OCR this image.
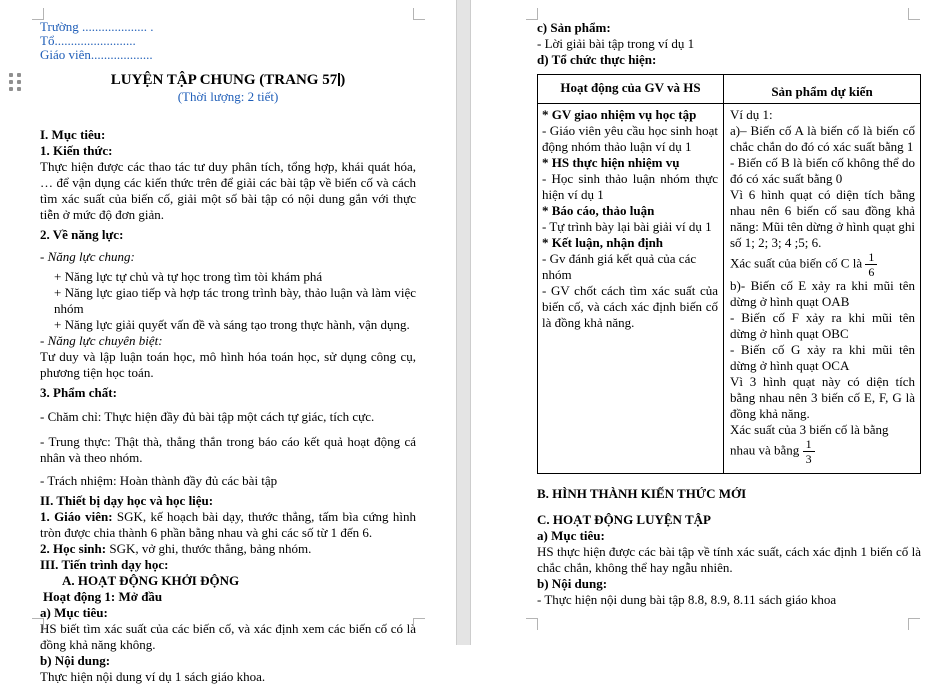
Trường .................... .
Tổ.........................
Giáo viên...................
LUYỆN TẬP CHUNG (TRANG 57 )
(Thời lượng: 2 tiết)
I. Mục tiêu:
1. Kiến thức:
Thực hiện được các thao tác tư duy phân tích, tổng hợp, khái quát hóa, … để vận dụng các kiến thức trên để giải các bài tập về biến cố và cách tìm xác suất của biến cố, giải một số bài tập có nội dung gắn với thực tiễn ở mức độ đơn giản.
2. Về năng lực:
- Năng lực chung:
+ Năng lực tự chủ và tự học trong tìm tòi khám phá
+ Năng lực giao tiếp và hợp tác trong trình bày, thảo luận và làm việc nhóm
+ Năng lực giải quyết vấn đề và sáng tạo trong thực hành, vận dụng.
- Năng lực chuyên biệt:
Tư duy và lập luận toán học, mô hình hóa toán học, sử dụng công cụ, phương tiện học toán.
3. Phẩm chất:
- Chăm chỉ: Thực hiện đầy đủ bài tập một cách tự giác, tích cực.
- Trung thực: Thật thà, thẳng thắn trong báo cáo kết quả hoạt động cá nhân và theo nhóm.
- Trách nhiệm: Hoàn thành đầy đủ các bài tập
II. Thiết bị dạy học và học liệu:
1. Giáo viên: SGK, kế hoạch bài dạy, thước thẳng, tấm bìa cứng hình tròn được chia thành 6 phần bằng nhau và ghi các số từ 1 đến 6.
2. Học sinh: SGK, vở ghi, thước thẳng, bảng nhóm.
III. Tiến trình dạy học:
A. HOẠT ĐỘNG KHỞI ĐỘNG
Hoạt động 1: Mở đầu
a) Mục tiêu:
HS biết tìm xác suất của các biến cố, và xác định xem các biến cố có là đồng khả năng không.
b) Nội dung:
Thực hiện nội dung ví dụ 1 sách giáo khoa.
c) Sản phẩm:
- Lời giải bài tập trong ví dụ 1
d) Tổ chức thực hiện:
Hoạt động của GV và HS	Sản phẩm dự kiến
* GV giao nhiệm vụ học tập
- Giáo viên yêu cầu học sinh hoạt động nhóm thảo luận ví dụ 1
* HS thực hiện nhiệm vụ
- Học sinh thảo luận nhóm thực hiện ví dụ 1
* Báo cáo, thảo luận
- Tự trình bày lại bài giải ví dụ 1
* Kết luận, nhận định
- Gv đánh giá kết quả của các nhóm
- GV chốt cách tìm xác suất của biến cố, và cách xác định biến cố là đồng khả năng.
Ví dụ 1:
a)– Biến cố A là biến cố là biến cố chắc chắn do đó có xác suất bằng 1
- Biến cố B là biến cố không thể do đó có xác suất bằng 0
Vì 6 hình quạt có diện tích bằng nhau nên 6 biến cố sau đồng khả năng: Mũi tên dừng ở hình quạt ghi số 1; 2; 3; 4 ;5; 6.
Xác suất của biến cố C là $\frac{1}{6}$
b)- Biến cố E xảy ra khi mũi tên dừng ở hình quạt OAB
- Biến cố F xảy ra khi mũi tên dừng ở hình quạt OBC
- Biến cố G xảy ra khi mũi tên dừng ở hình quạt OCA
Vì 3 hình quạt này có diện tích bằng nhau nên 3 biến cố E, F, G là đồng khả năng.
Xác suất của 3 biến cố là bằng nhau và bằng $\frac{1}{3}$
B. HÌNH THÀNH KIẾN THỨC MỚI
C. HOẠT ĐỘNG LUYỆN TẬP
a) Mục tiêu:
HS thực hiện được các bài tập về tính xác suất, cách xác định 1 biến cố là chắc chắn, không thể hay ngẫu nhiên.
b) Nội dung:
- Thực hiện nội dung bài tập 8.8, 8.9, 8.11 sách giáo khoa
